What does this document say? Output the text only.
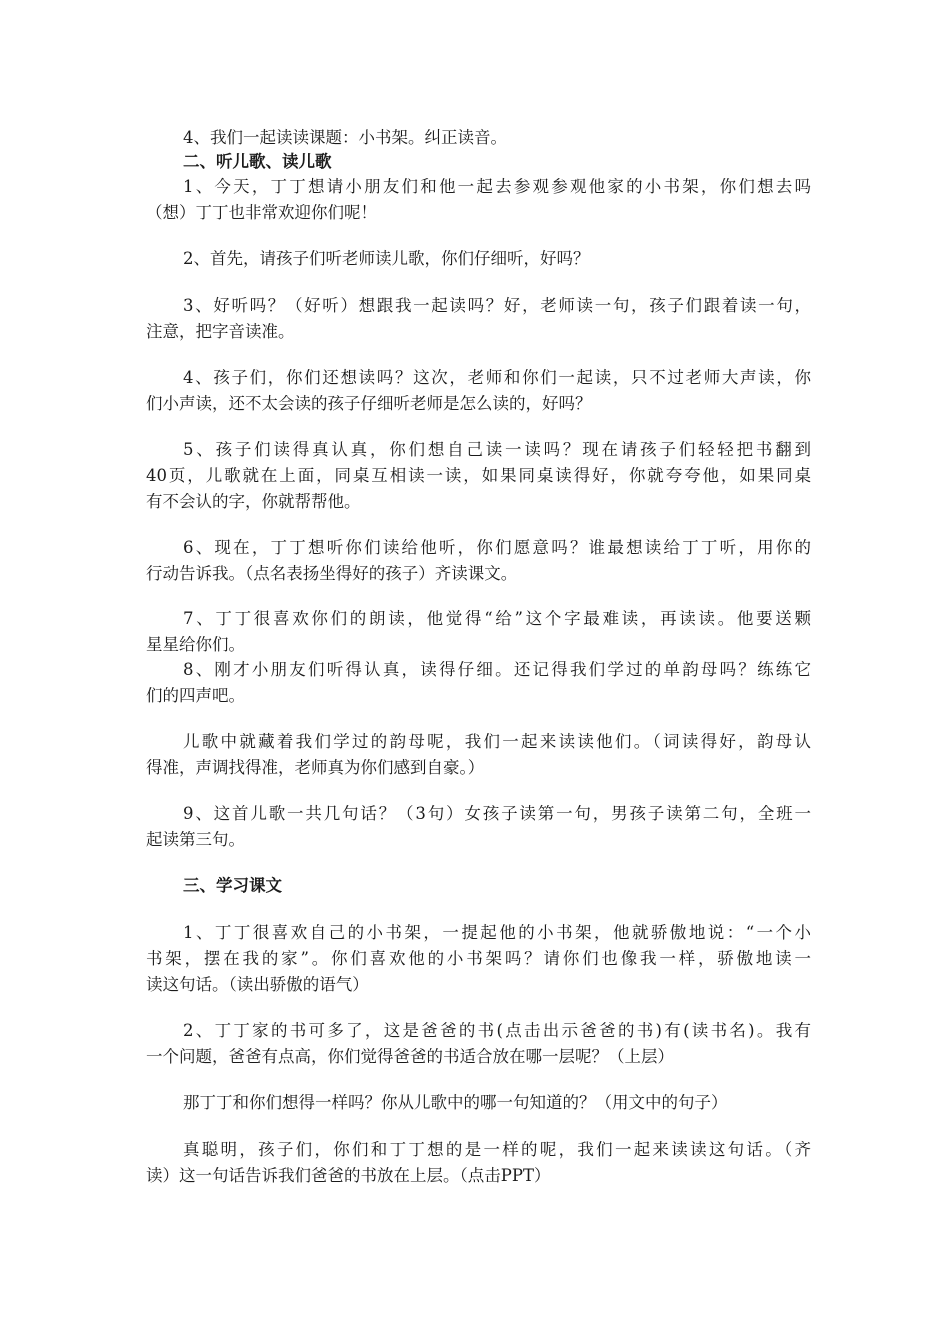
4、我们一起读读课题：小书架。纠正读音。
二、听儿歌、读儿歌
1、今天，丁丁想请小朋友们和他一起去参观参观他家的小书架，你们想去吗
（想）丁丁也非常欢迎你们呢！
2、首先，请孩子们听老师读儿歌，你们仔细听，好吗？
3、好听吗？（好听）想跟我一起读吗？好，老师读一句，孩子们跟着读一句，
注意，把字音读准。
4、孩子们，你们还想读吗？这次，老师和你们一起读，只不过老师大声读，你
们小声读，还不太会读的孩子仔细听老师是怎么读的，好吗？
5、孩子们读得真认真，你们想自己读一读吗？现在请孩子们轻轻把书翻到
40页，儿歌就在上面，同桌互相读一读，如果同桌读得好，你就夸夸他，如果同桌
有不会认的字，你就帮帮他。
6、现在，丁丁想听你们读给他听，你们愿意吗？谁最想读给丁丁听，用你的
行动告诉我。（点名表扬坐得好的孩子）齐读课文。
7、丁丁很喜欢你们的朗读，他觉得“给”这个字最难读，再读读。他要送颗
星星给你们。
8、刚才小朋友们听得认真，读得仔细。还记得我们学过的单韵母吗？练练它
们的四声吧。
儿歌中就藏着我们学过的韵母呢，我们一起来读读他们。（词读得好，韵母认
得准，声调找得准，老师真为你们感到自豪。）
9、这首儿歌一共几句话？（3句）女孩子读第一句，男孩子读第二句，全班一
起读第三句。
三、学习课文
1、丁丁很喜欢自己的小书架，一提起他的小书架，他就骄傲地说：“一个小
书架，摆在我的家”。你们喜欢他的小书架吗？请你们也像我一样，骄傲地读一
读这句话。（读出骄傲的语气）
2、丁丁家的书可多了，这是爸爸的书(点击出示爸爸的书)有(读书名)。我有
一个问题，爸爸有点高，你们觉得爸爸的书适合放在哪一层呢？（上层）
那丁丁和你们想得一样吗？你从儿歌中的哪一句知道的？（用文中的句子）
真聪明，孩子们，你们和丁丁想的是一样的呢，我们一起来读读这句话。（齐
读）这一句话告诉我们爸爸的书放在上层。（点击PPT）
